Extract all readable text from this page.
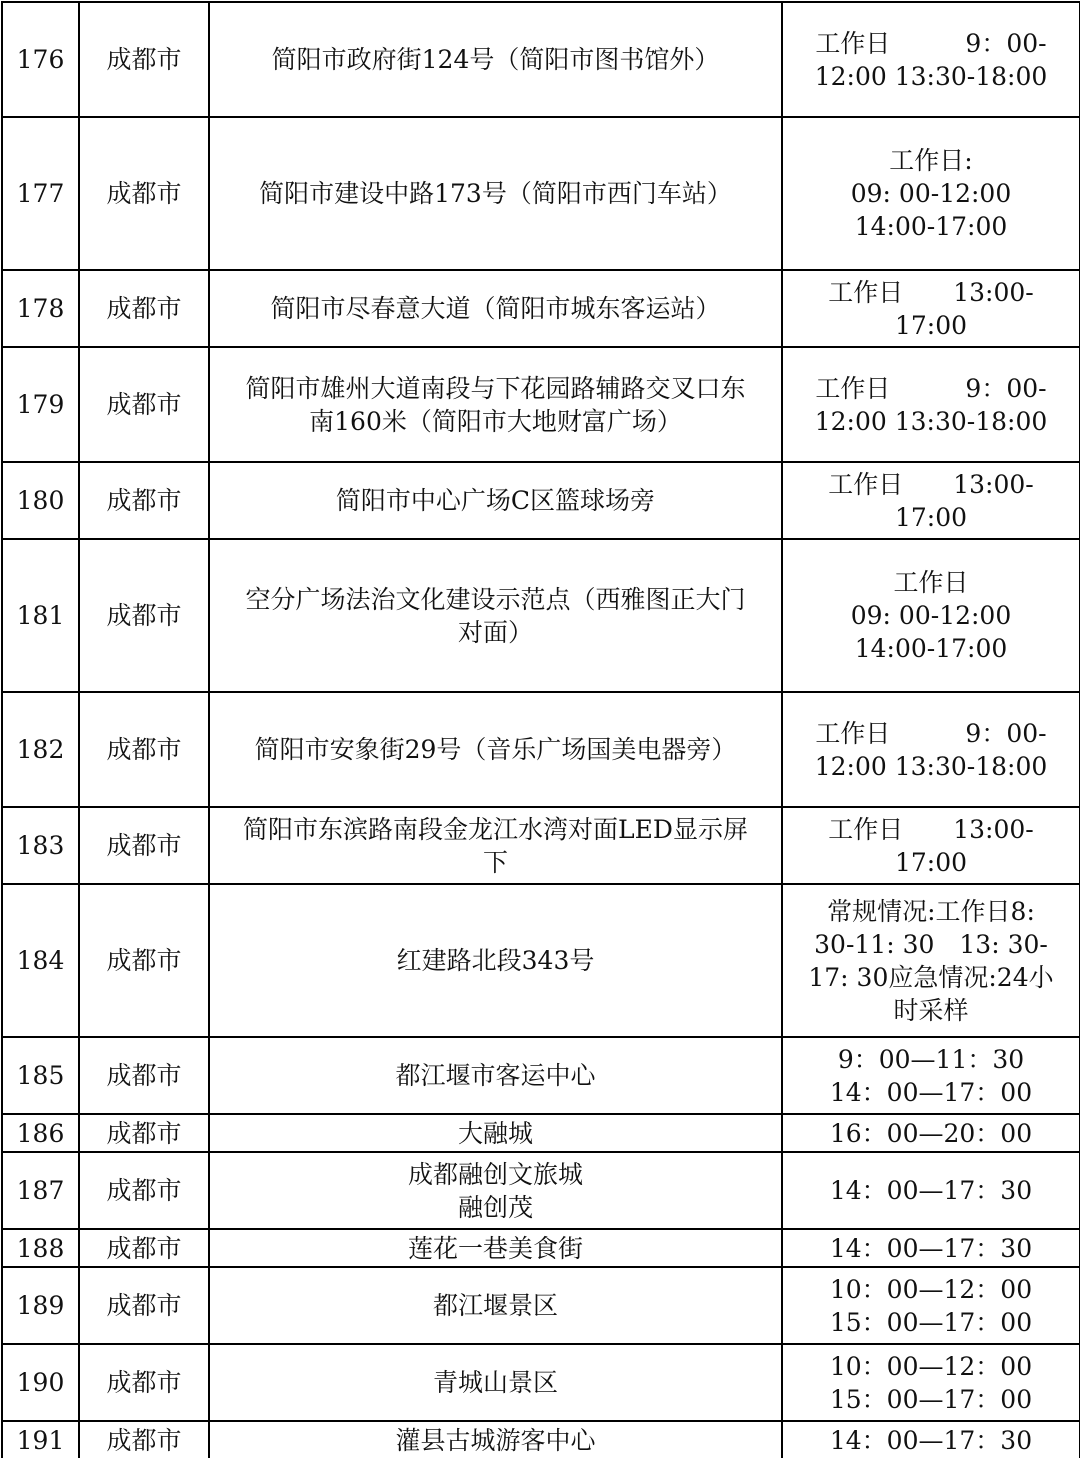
176	成都市	简阳市政府街124号（简阳市图书馆外）	工作日　　　9：00-
12:00 13:30-18:00

177	成都市	简阳市建设中路173号（简阳市西门车站）	工作日:
09: 00-12:00
14:00-17:00

178	成都市	简阳市尽春意大道（简阳市城东客运站）	工作日　　13:00-
17:00

179	成都市	简阳市雄州大道南段与下花园路辅路交叉口东
南160米（简阳市大地财富广场）	工作日　　　9：00-
12:00 13:30-18:00

180	成都市	简阳市中心广场C区篮球场旁	工作日　　13:00-
17:00

181	成都市	空分广场法治文化建设示范点（西雅图正大门
对面）	工作日
09: 00-12:00
14:00-17:00

182	成都市	简阳市安象街29号（音乐广场国美电器旁）	工作日　　　9：00-
12:00 13:30-18:00

183	成都市	简阳市东滨路南段金龙江水湾对面LED显示屏
下	工作日　　13:00-
17:00

184	成都市	红建路北段343号	常规情况:工作日8:
30-11: 30　13: 30-
17: 30应急情况:24小
时采样

185	成都市	都江堰市客运中心	9：00—11：30
14：00—17：00

186	成都市	大融城	16：00—20：00

187	成都市	成都融创文旅城
融创茂	14：00—17：30

188	成都市	莲花一巷美食街	14：00—17：30

189	成都市	都江堰景区	10：00—12：00
15：00—17：00

190	成都市	青城山景区	10：00—12：00
15：00—17：00

191	成都市	灌县古城游客中心	14：00—17：30
